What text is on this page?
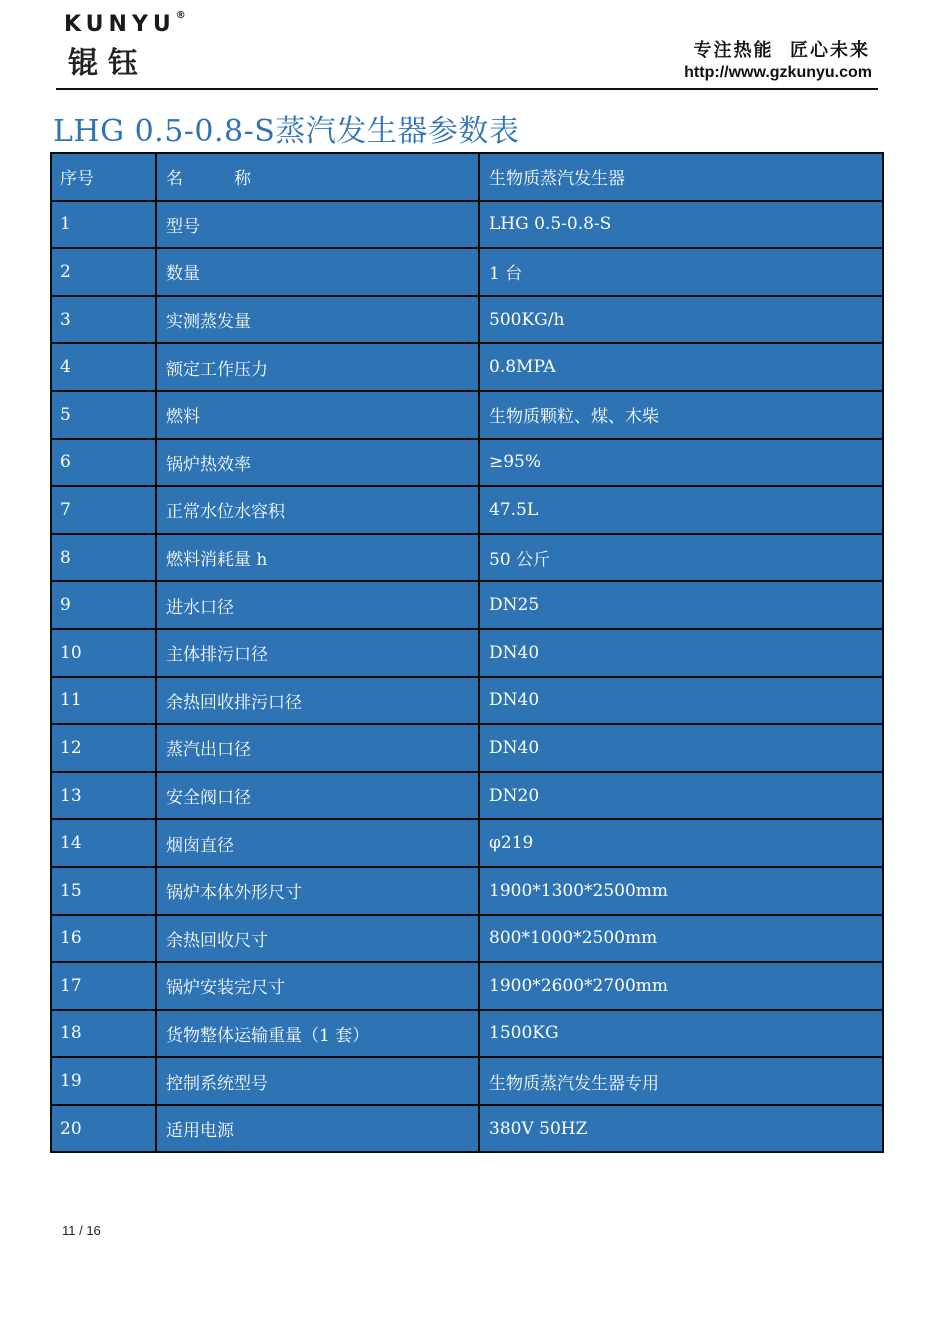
KUNYU®
锟钰	专注热能  匠心未来
http://www.gzkunyu.com
LHG 0.5-0.8-S蒸汽发生器参数表
序号	名　　　称	生物质蒸汽发生器
1	型号	LHG 0.5-0.8-S
2	数量	1 台
3	实测蒸发量	500KG/h
4	额定工作压力	0.8MPA
5	燃料	生物质颗粒、煤、木柴
6	锅炉热效率	≥95%
7	正常水位水容积	47.5L
8	燃料消耗量 h	50 公斤
9	进水口径	DN25
10	主体排污口径	DN40
11	余热回收排污口径	DN40
12	蒸汽出口径	DN40
13	安全阀口径	DN20
14	烟囱直径	φ219
15	锅炉本体外形尺寸	1900*1300*2500mm
16	余热回收尺寸	800*1000*2500mm
17	锅炉安装完尺寸	1900*2600*2700mm
18	货物整体运输重量（1 套）	1500KG
19	控制系统型号	生物质蒸汽发生器专用
20	适用电源	380V 50HZ
11 / 16
